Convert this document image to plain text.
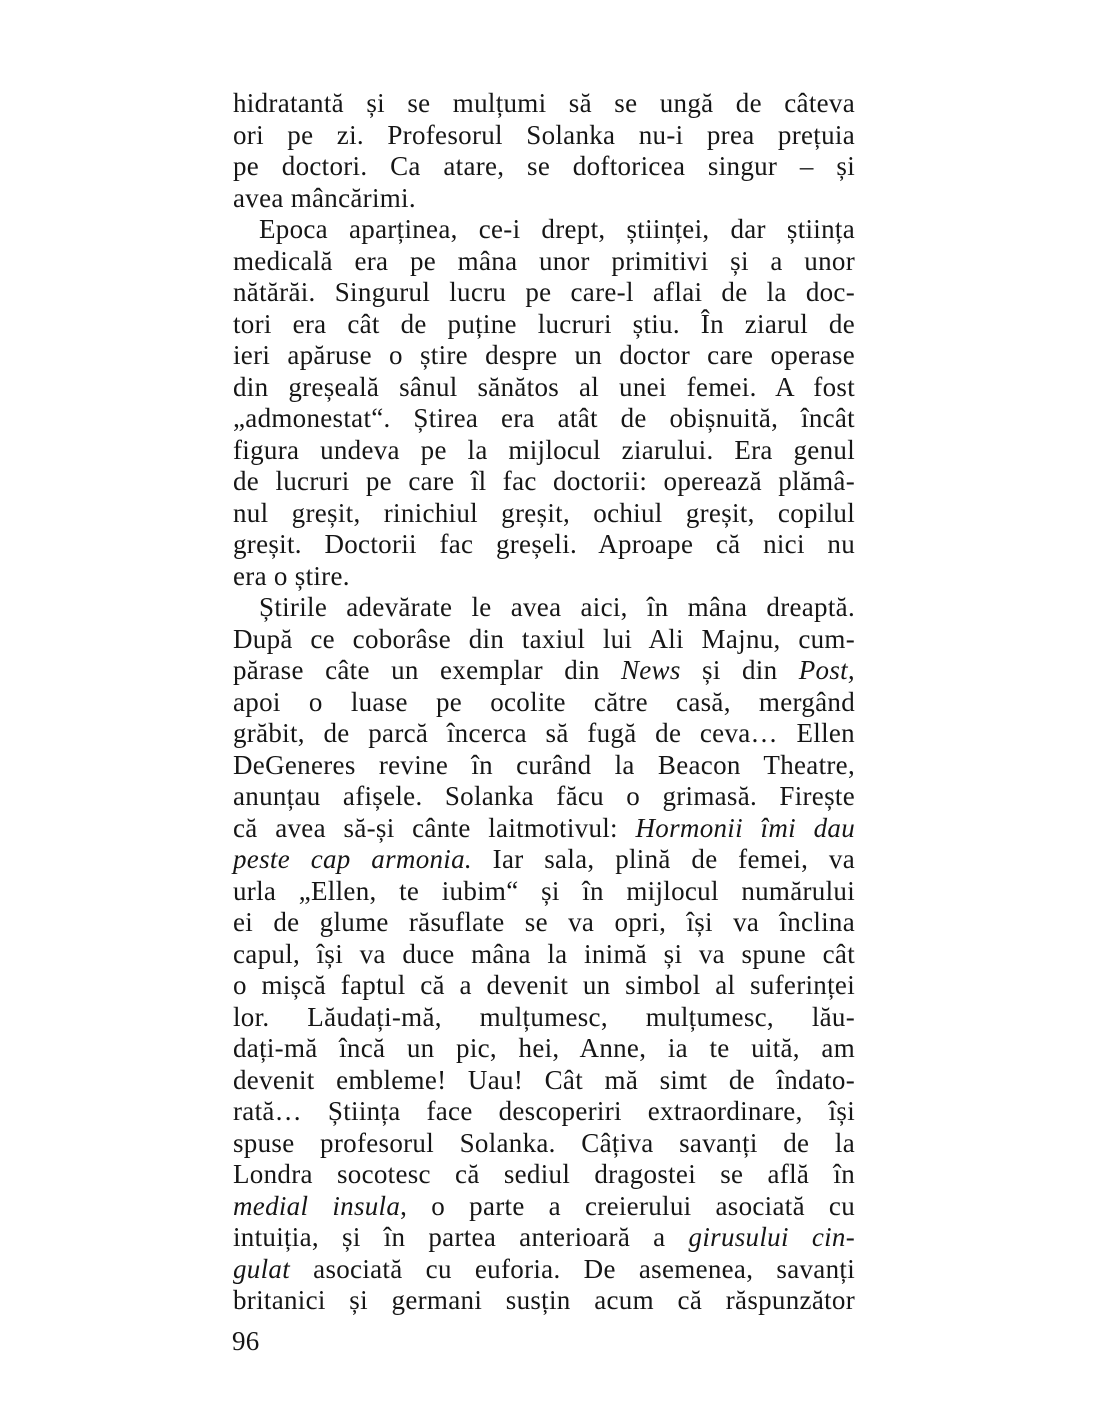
hidratantă și se mulțumi să se ungă de câteva
ori pe zi. Profesorul Solanka nu-i prea prețuia
pe doctori. Ca atare, se doftoricea singur – și
avea mâncărimi.
Epoca aparținea, ce-i drept, științei, dar știința
medicală era pe mâna unor primitivi și a unor
nătărăi. Singurul lucru pe care-l aflai de la doc-
tori era cât de puține lucruri știu. În ziarul de
ieri apăruse o știre despre un doctor care operase
din greșeală sânul sănătos al unei femei. A fost
„admonestat“. Știrea era atât de obișnuită, încât
figura undeva pe la mijlocul ziarului. Era genul
de lucruri pe care îl fac doctorii: operează plămâ-
nul greșit, rinichiul greșit, ochiul greșit, copilul
greșit. Doctorii fac greșeli. Aproape că nici nu
era o știre.
Știrile adevărate le avea aici, în mâna dreaptă.
După ce coborâse din taxiul lui Ali Majnu, cum-
părase câte un exemplar din News și din Post,
apoi o luase pe ocolite către casă, mergând
grăbit, de parcă încerca să fugă de ceva… Ellen
DeGeneres revine în curând la Beacon Theatre,
anunțau afișele. Solanka făcu o grimasă. Firește
că avea să-și cânte laitmotivul: Hormonii îmi dau
peste cap armonia. Iar sala, plină de femei, va
urla „Ellen, te iubim“ și în mijlocul numărului
ei de glume răsuflate se va opri, își va înclina
capul, își va duce mâna la inimă și va spune cât
o mișcă faptul că a devenit un simbol al suferinței
lor. Lăudați-mă, mulțumesc, mulțumesc, lău-
dați-mă încă un pic, hei, Anne, ia te uită, am
devenit embleme! Uau! Cât mă simt de îndato-
rată… Știința face descoperiri extraordinare, își
spuse profesorul Solanka. Câțiva savanți de la
Londra socotesc că sediul dragostei se află în
medial insula, o parte a creierului asociată cu
intuiția, și în partea anterioară a girusului cin-
gulat asociată cu euforia. De asemenea, savanți
britanici și germani susțin acum că răspunzător
96
